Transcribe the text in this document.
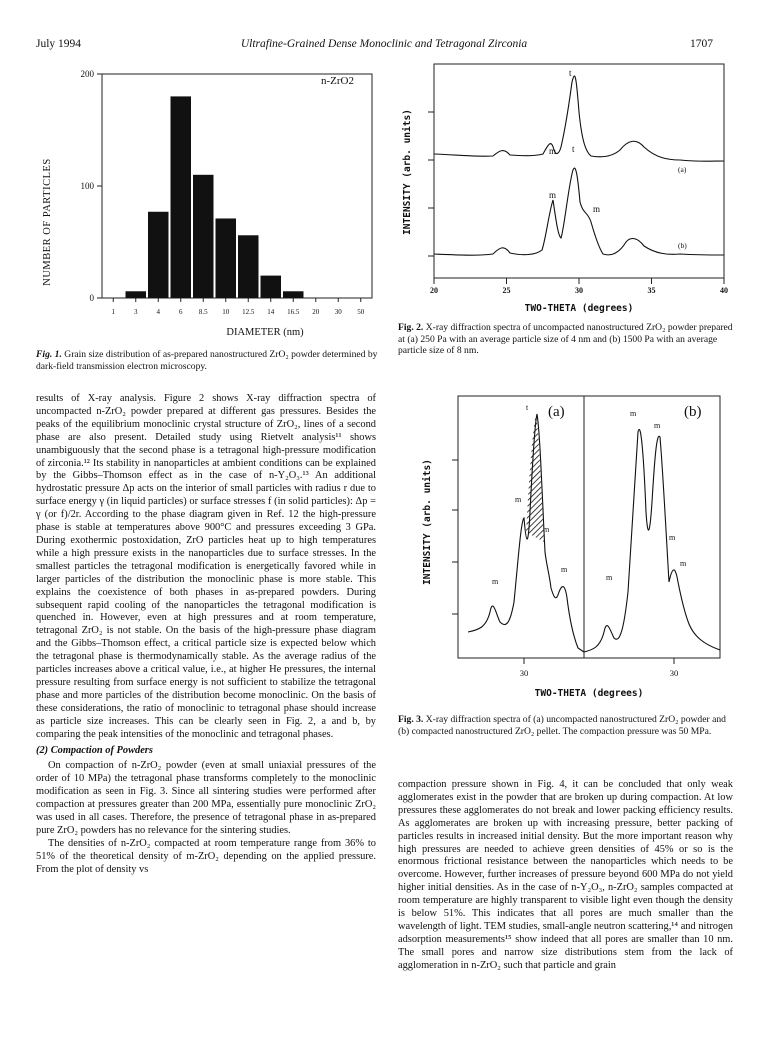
July 1994	Ultrafine-Grained Dense Monoclinic and Tetragonal Zirconia	1707
0
100
200
1	3	4	6 8.5 10 12.5 14 16.5 20 30 50
NUMBER OF PARTICLES
DIAMETER (nm)
n-ZrO2
Fig. 1. Grain size distribution of as-prepared nanostructured ZrO₂ powder determined by dark-field transmission electron microscopy.
20	25	30	35	40
t
m t
m
m
(a)
(b)
INTENSITY (arb. units)
TWO-THETA (degrees)
Fig. 2. X-ray diffraction spectra of uncompacted nanostructured ZrO₂ powder prepared at (a) 250 Pa with an average particle size of 4 nm and (b) 1500 Pa with an average particle size of 8 nm.

results of X-ray analysis. Figure 2 shows X-ray diffraction spectra of uncompacted n-ZrO₂ powder prepared at different gas pressures. Besides the peaks of the equilibrium monoclinic crystal structure of ZrO₂, lines of a second phase are also present. Detailed study using Rietvelt analysis¹¹ shows unambiguously that the second phase is a tetragonal high-pressure modification of zirconia.¹² Its stability in nanoparticles at ambient conditions can be explained by the Gibbs–Thomson effect as in the case of n-Y₂O₃.¹³ An additional hydrostatic pressure Δp acts on the interior of small particles with radius r due to surface energy γ (in liquid particles) or surface stresses f (in solid particles): Δp = γ (or f)/2r. According to the phase diagram given in Ref. 12 the high-pressure phase is stable at temperatures above 900°C and pressures exceeding 3 GPa. During exothermic postoxidation, ZrO particles heat up to high temperatures while a high pressure exists in the nanoparticles due to surface stresses. In the smallest particles the tetragonal modification is energetically favored while in larger particles of the distribution the monoclinic phase is more stable. This explains the coexistence of both phases in as-prepared powders. During subsequent rapid cooling of the nanoparticles the tetragonal modification is quenched in. However, even at high pressures and at room temperature, tetragonal ZrO₂ is not stable. On the basis of the high-pressure phase diagram and the Gibbs–Thomson effect, a critical particle size is expected below which the tetragonal phase is thermodynamically stable. As the average radius of the particles increases above a critical value, i.e., at higher He pressures, the internal pressure resulting from surface energy is not sufficient to stabilize the tetragonal phase and more particles of the distribution become monoclinic. On the basis of these considerations, the ratio of monoclinic to tetragonal phase should increase as particle size increases. This can be clearly seen in Fig. 2, a and b, by comparing the peak intensities of the monoclinic and tetragonal phases.

(2) Compaction of Powders

On compaction of n-ZrO₂ powder (even at small uniaxial pressures of the order of 10 MPa) the tetragonal phase transforms completely to the monoclinic modification as seen in Fig. 3. Since all sintering studies were performed after compaction at pressures greater than 200 MPa, essentially pure monoclinic ZrO₂ was used in all cases. Therefore, the presence of tetragonal phase in as-prepared pure ZrO₂ powders has no relevance for the sintering studies.

The densities of n-ZrO₂ compacted at room temperature range from 36% to 51% of the theoretical density of m-ZrO₂ depending on the applied pressure. From the plot of density vs

(a)	(b)
t
m
m
m
m
m
m
m
m
m
30	30
INTENSITY (arb. units)
TWO-THETA (degrees)
Fig. 3. X-ray diffraction spectra of (a) uncompacted nanostructured ZrO₂ powder and (b) compacted nanostructured ZrO₂ pellet. The compaction pressure was 50 MPa.

compaction pressure shown in Fig. 4, it can be concluded that only weak agglomerates exist in the powder that are broken up during compaction. At low pressures these agglomerates do not break and lower packing efficiency results. As agglomerates are broken up with increasing pressure, better packing of particles results in increased initial density. But the more important reason why high pressures are needed to achieve green densities of 45% or so is the enormous frictional resistance between the nanoparticles which needs to be overcome. However, further increases of pressure beyond 600 MPa do not yield higher initial densities. As in the case of n-Y₂O₃, n-ZrO₂ samples compacted at room temperature are highly transparent to visible light even though the density is below 51%. This indicates that all pores are much smaller than the wavelength of light. TEM studies, small-angle neutron scattering,¹⁴ and nitrogen adsorption measurements¹⁵ show indeed that all pores are smaller than 10 nm. The small pores and narrow size distributions stem from the lack of agglomeration in n-ZrO₂ such that particle and grain
